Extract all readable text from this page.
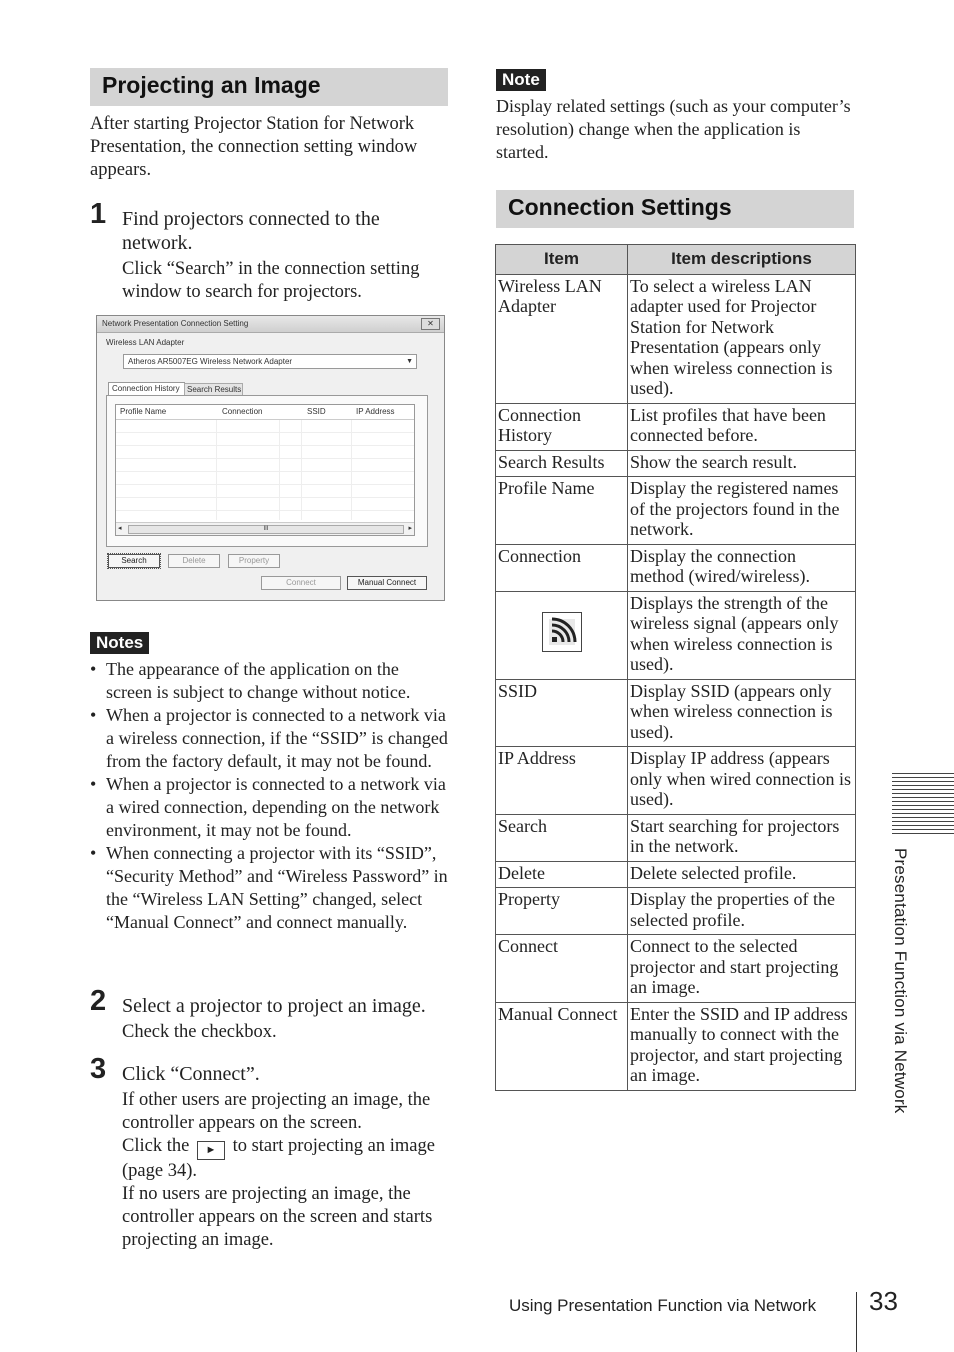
Projecting an Image
After starting Projector Station for Network Presentation, the connection setting window appears.
1 Find projectors connected to the network.
Click “Search” in the connection setting window to search for projectors.
Network Presentation Connection Setting	✕
Wireless LAN Adapter
Atheros AR5007EG Wireless Network Adapter	▼
Connection History Search Results
Profile Name	Connection	SSID	IP Address
◂	III	▸
Search	Delete	Property
Connect	Manual Connect
Notes
• The appearance of the application on the screen is subject to change without notice.
• When a projector is connected to a network via a wireless connection, if the “SSID” is changed from the factory default, it may not be found.
• When a projector is connected to a network via a wired connection, depending on the network environment, it may not be found.
• When connecting a projector with its “SSID”, “Security Method” and “Wireless Password” in the “Wireless LAN Setting” changed, select “Manual Connect” and connect manually.
2 Select a projector to project an image.
Check the checkbox.
3 Click “Connect”.
If other users are projecting an image, the controller appears on the screen.
Click the ► to start projecting an image (page 34).
If no users are projecting an image, the controller appears on the screen and starts projecting an image.
Note
Display related settings (such as your computer’s resolution) change when the application is started.
Connection Settings
Item	Item descriptions
Wireless LAN Adapter	To select a wireless LAN adapter used for Projector Station for Network Presentation (appears only when wireless connection is used).
Connection History	List profiles that have been connected before.
Search Results	Show the search result.
Profile Name	Display the registered names of the projectors found in the network.
Connection	Display the connection method (wired/wireless).
	Displays the strength of the wireless signal (appears only when wireless connection is used).
SSID	Display SSID (appears only when wireless connection is used).
IP Address	Display IP address (appears only when wired connection is used).
Search	Start searching for projectors in the network.
Delete	Delete selected profile.
Property	Display the properties of the selected profile.
Connect	Connect to the selected projector and start projecting an image.
Manual Connect	Enter the SSID and IP address manually to connect with the projector, and start projecting an image.	Presentation Function via Network
Using Presentation Function via Network 33
